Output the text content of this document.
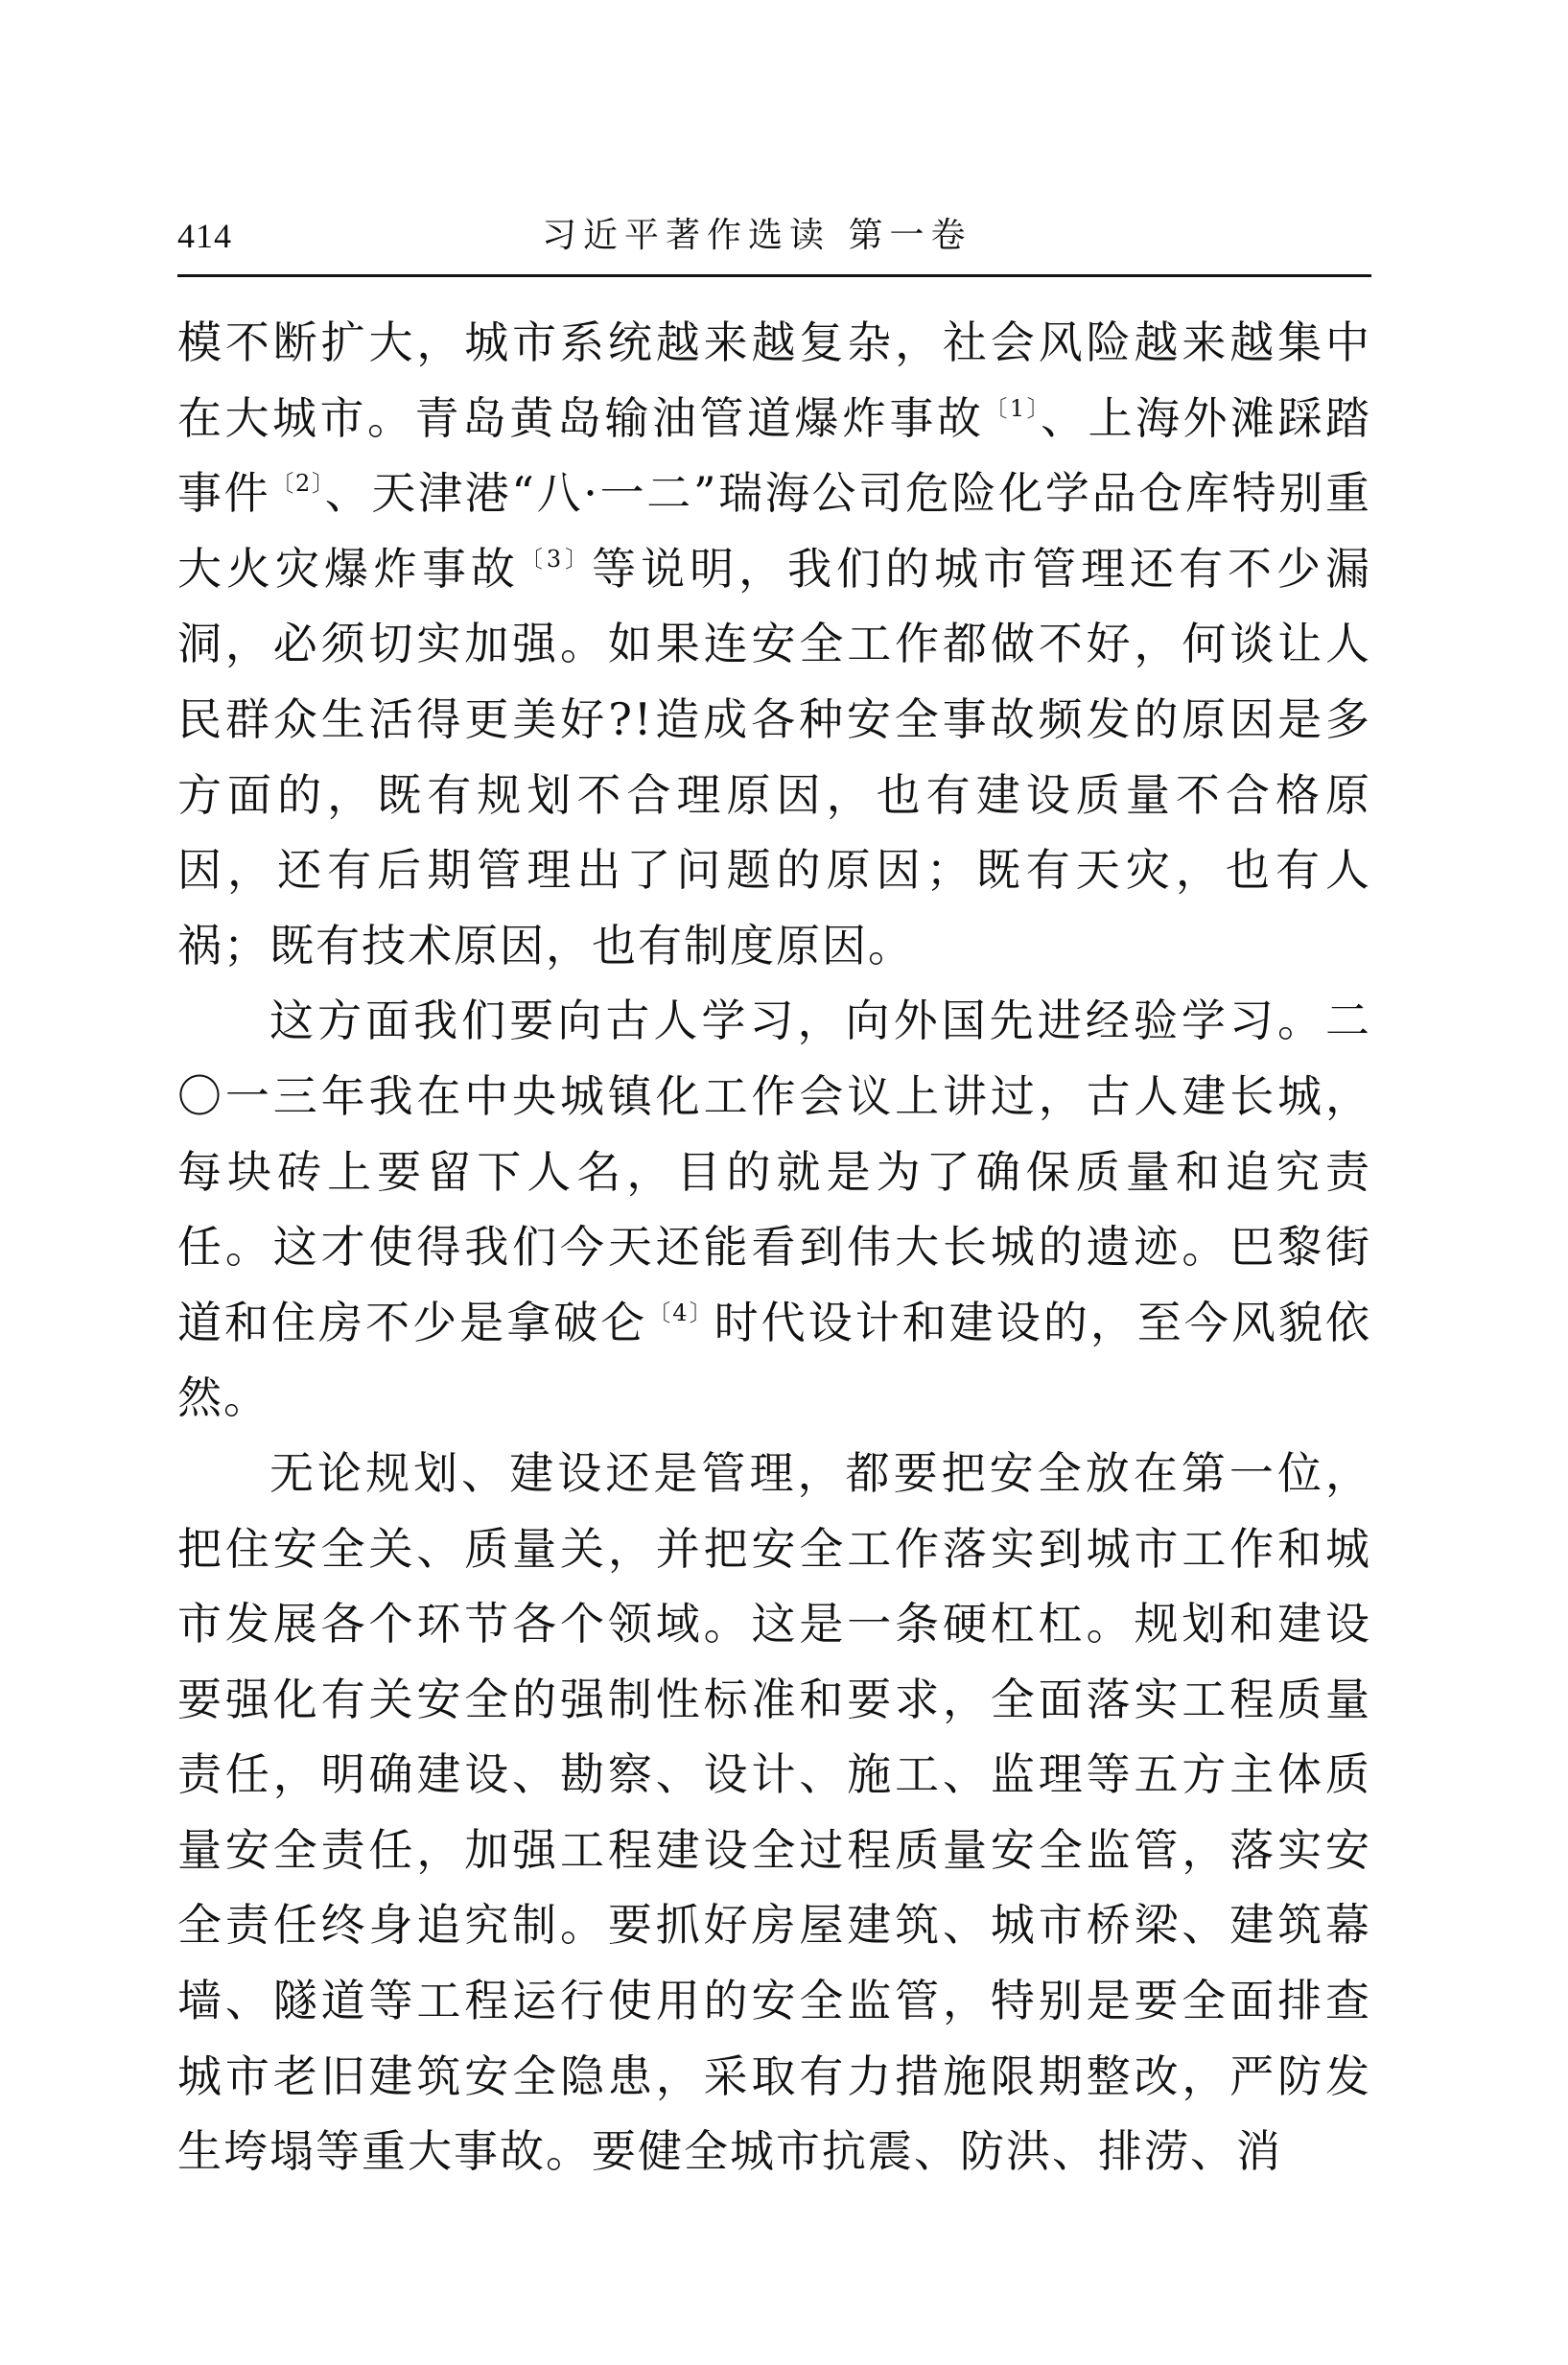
414	习近平著作选读 第一卷

模不断扩大，城市系统越来越复杂，社会风险越来越集中在大城市。青岛黄岛输油管道爆炸事故$^{〔1〕}$、上海外滩踩踏事件$^{〔2〕}$、天津港“八·一二”瑞海公司危险化学品仓库特别重大火灾爆炸事故$^{〔3〕}$等说明，我们的城市管理还有不少漏洞，必须切实加强。如果连安全工作都做不好，何谈让人民群众生活得更美好?!造成各种安全事故频发的原因是多方面的，既有规划不合理原因，也有建设质量不合格原因，还有后期管理出了问题的原因；既有天灾，也有人祸；既有技术原因，也有制度原因。

这方面我们要向古人学习，向外国先进经验学习。二〇一三年我在中央城镇化工作会议上讲过，古人建长城，每块砖上要留下人名，目的就是为了确保质量和追究责任。这才使得我们今天还能看到伟大长城的遗迹。巴黎街道和住房不少是拿破仑$^{〔4〕}$时代设计和建设的，至今风貌依然。

无论规划、建设还是管理，都要把安全放在第一位，把住安全关、质量关，并把安全工作落实到城市工作和城市发展各个环节各个领域。这是一条硬杠杠。规划和建设要强化有关安全的强制性标准和要求，全面落实工程质量责任，明确建设、勘察、设计、施工、监理等五方主体质量安全责任，加强工程建设全过程质量安全监管，落实安全责任终身追究制。要抓好房屋建筑、城市桥梁、建筑幕墙、隧道等工程运行使用的安全监管，特别是要全面排查城市老旧建筑安全隐患，采取有力措施限期整改，严防发生垮塌等重大事故。要健全城市抗震、防洪、排涝、消
